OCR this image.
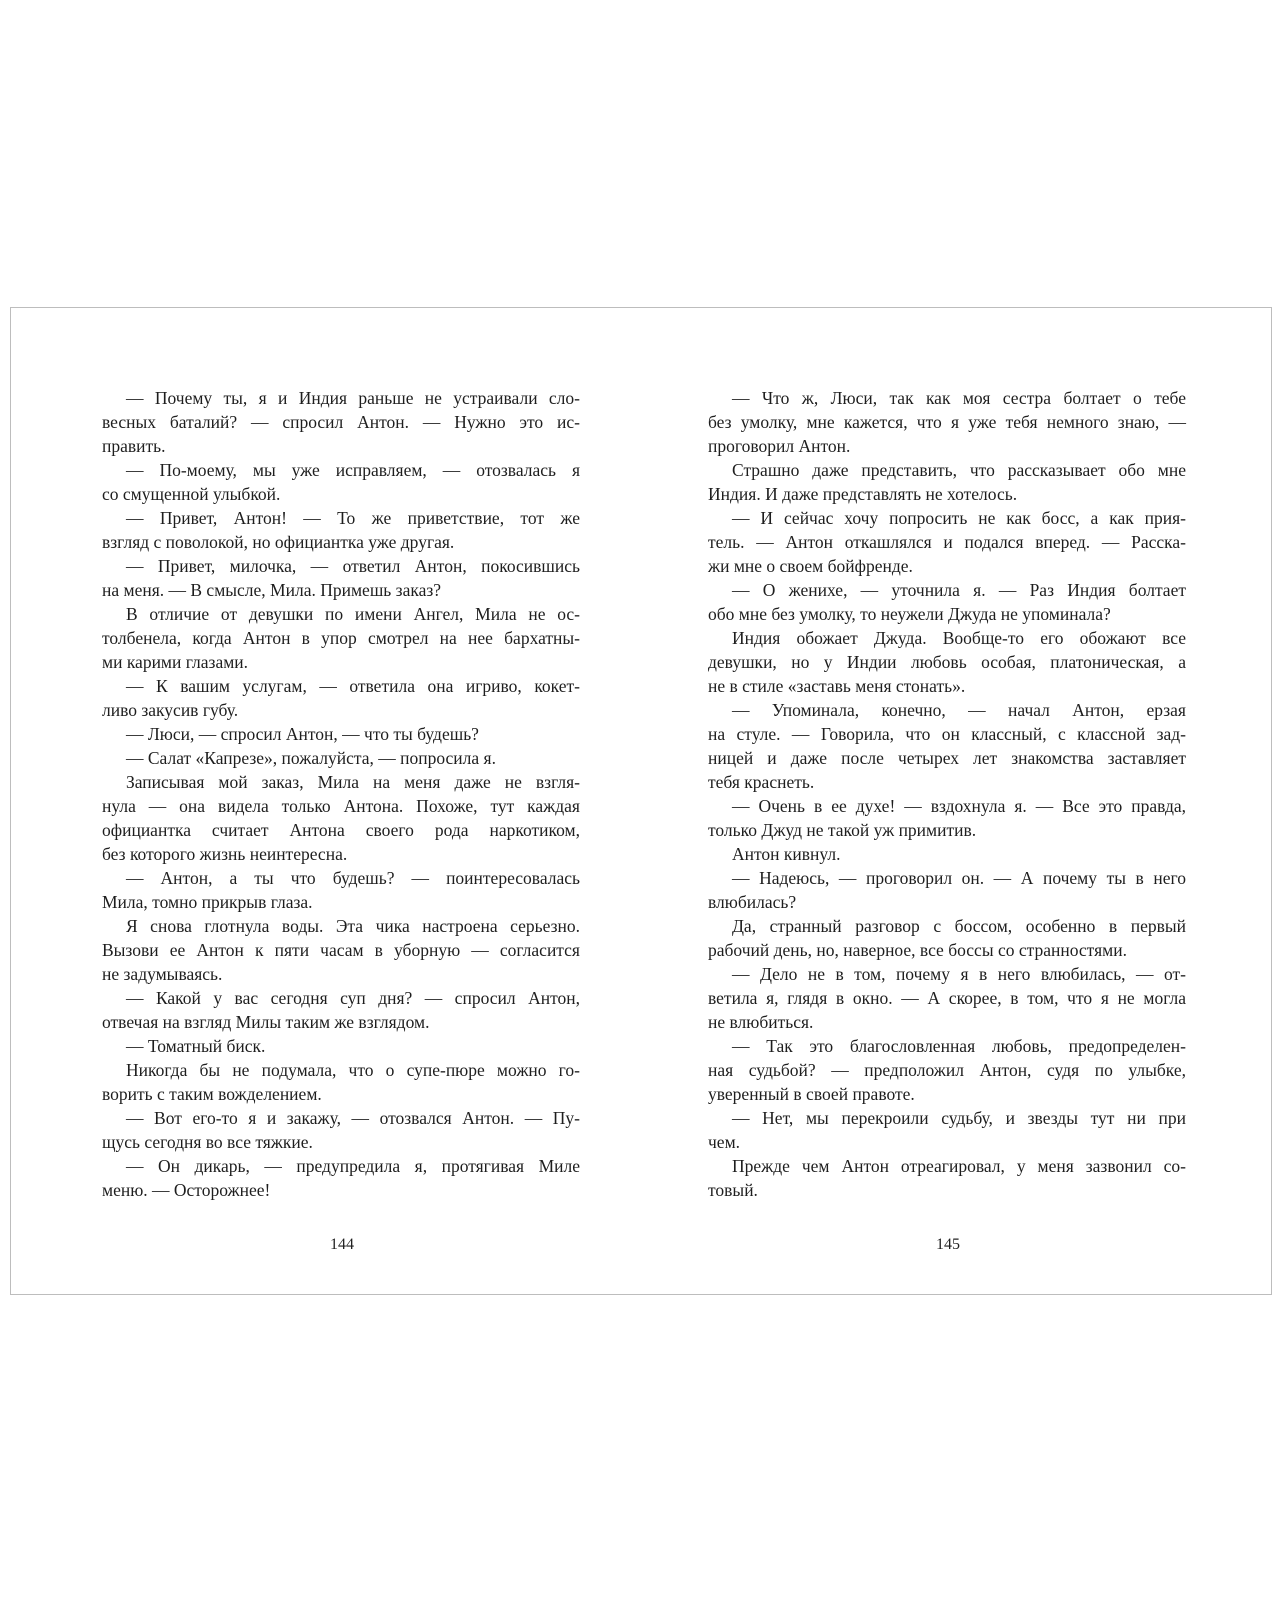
— Почему ты, я и Индия раньше не устраивали сло-
весных баталий? — спросил Антон. — Нужно это ис-
править.
— По-моему, мы уже исправляем, — отозвалась я
со смущенной улыбкой.
— Привет, Антон! — То же приветствие, тот же
взгляд с поволокой, но официантка уже другая.
— Привет, милочка, — ответил Антон, покосившись
на меня. — В смысле, Мила. Примешь заказ?
В отличие от девушки по имени Ангел, Мила не ос-
толбенела, когда Антон в упор смотрел на нее бархатны-
ми карими глазами.
— К вашим услугам, — ответила она игриво, кокет-
ливо закусив губу.
— Люси, — спросил Антон, — что ты будешь?
— Салат «Капрезе», пожалуйста, — попросила я.
Записывая мой заказ, Мила на меня даже не взгля-
нула — она видела только Антона. Похоже, тут каждая
официантка считает Антона своего рода наркотиком,
без которого жизнь неинтересна.
— Антон, а ты что будешь? — поинтересовалась
Мила, томно прикрыв глаза.
Я снова глотнула воды. Эта чика настроена серьезно.
Вызови ее Антон к пяти часам в уборную — согласится
не задумываясь.
— Какой у вас сегодня суп дня? — спросил Антон,
отвечая на взгляд Милы таким же взглядом.
— Томатный биск.
Никогда бы не подумала, что о супе-пюре можно го-
ворить с таким вожделением.
— Вот его-то я и закажу, — отозвался Антон. — Пу-
щусь сегодня во все тяжкие.
— Он дикарь, — предупредила я, протягивая Миле
меню. — Осторожнее!
— Что ж, Люси, так как моя сестра болтает о тебе
без умолку, мне кажется, что я уже тебя немного знаю, —
проговорил Антон.
Страшно даже представить, что рассказывает обо мне
Индия. И даже представлять не хотелось.
— И сейчас хочу попросить не как босс, а как прия-
тель. — Антон откашлялся и подался вперед. — Расска-
жи мне о своем бойфренде.
— О женихе, — уточнила я. — Раз Индия болтает
обо мне без умолку, то неужели Джуда не упоминала?
Индия обожает Джуда. Вообще-то его обожают все
девушки, но у Индии любовь особая, платоническая, а
не в стиле «заставь меня стонать».
— Упоминала, конечно, — начал Антон, ерзая
на стуле. — Говорила, что он классный, с классной зад-
ницей и даже после четырех лет знакомства заставляет
тебя краснеть.
— Очень в ее духе! — вздохнула я. — Все это правда,
только Джуд не такой уж примитив.
Антон кивнул.
— Надеюсь, — проговорил он. — А почему ты в него
влюбилась?
Да, странный разговор с боссом, особенно в первый
рабочий день, но, наверное, все боссы со странностями.
— Дело не в том, почему я в него влюбилась, — от-
ветила я, глядя в окно. — А скорее, в том, что я не могла
не влюбиться.
— Так это благословленная любовь, предопределен-
ная судьбой? — предположил Антон, судя по улыбке,
уверенный в своей правоте.
— Нет, мы перекроили судьбу, и звезды тут ни при
чем.
Прежде чем Антон отреагировал, у меня зазвонил со-
товый.
144	145
